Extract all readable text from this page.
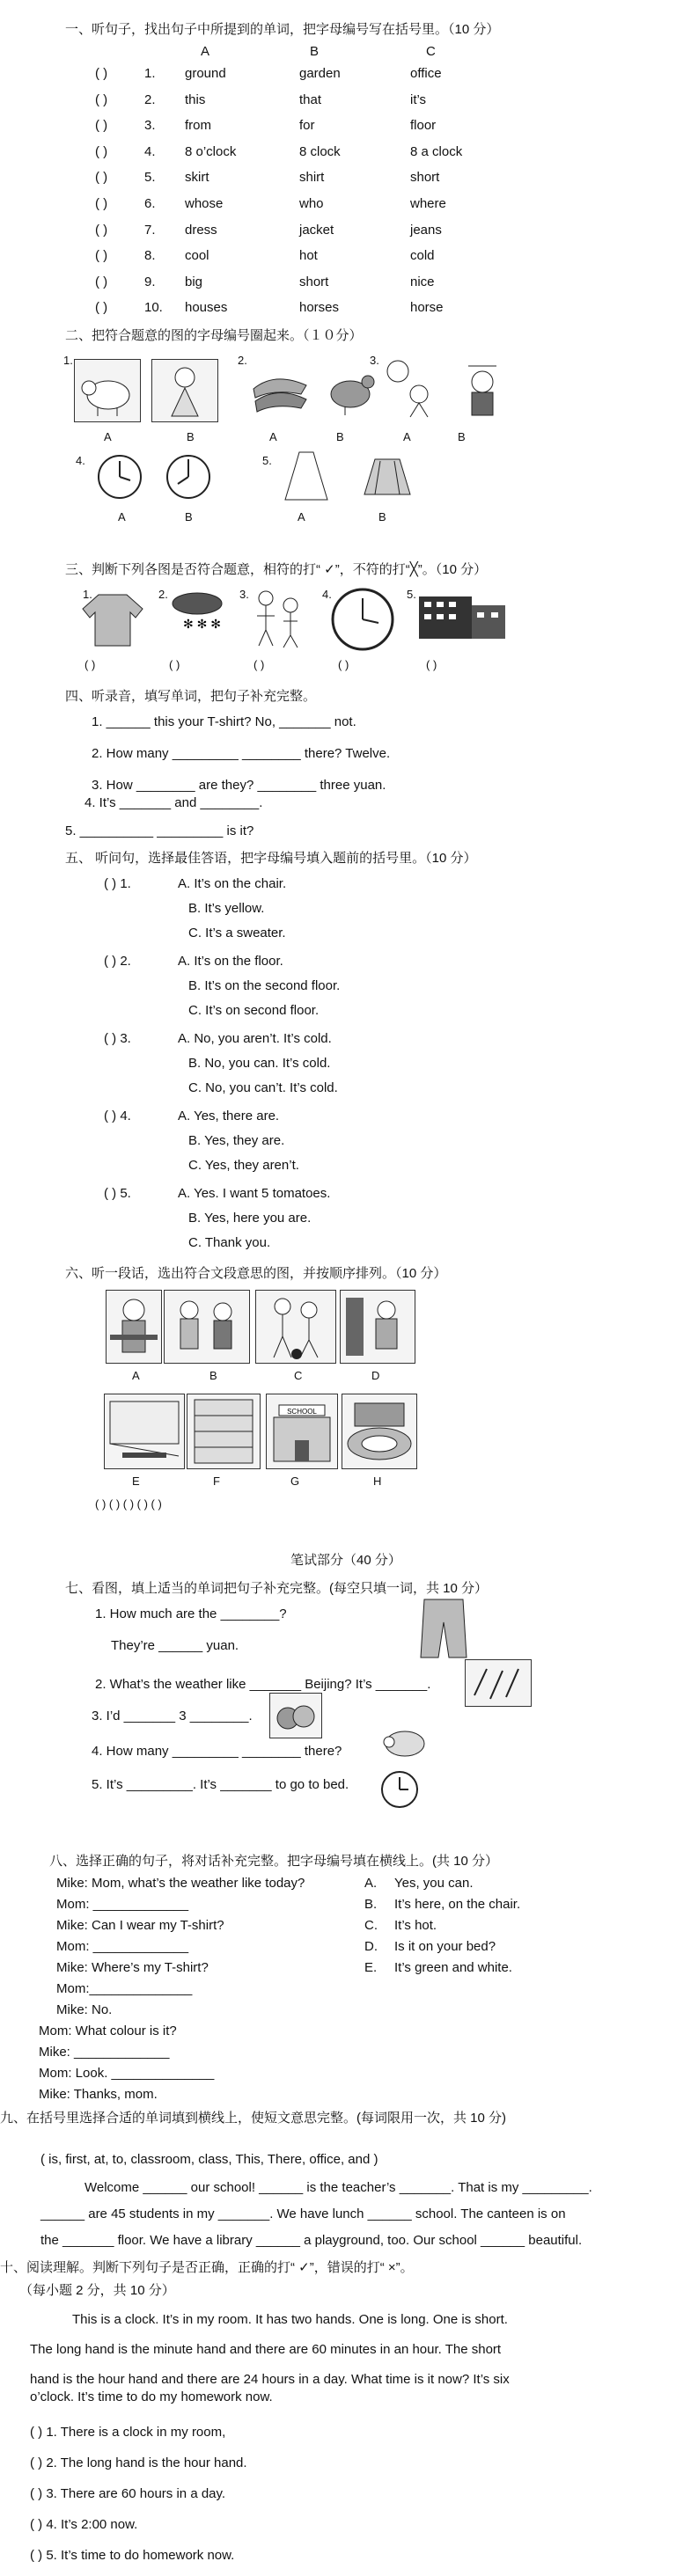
一、听句子，找出句子中所提到的单词，把字母编号写在括号里。（10 分）
A	B	C
( )	1. ground	garden	office
( )	2. this	that	it’s
( )	3. from	for	floor
( )	4. 8 o’clock	8 clock	8 a clock
( )	5. skirt	shirt	short
( )	6. whose	who	where
( )	7. dress	jacket	jeans
( )	8. cool	hot	cold
( )	9. big	short	nice
( )	10. houses	horses	horse
二、把符合题意的图的字母编号圈起来。（１０分）
1.
A	B
2.
A	B
3.
A	B
4.
A	B
5.
A	B
三、判断下列各图是否符合题意，相符的打“ ✓”，不符的打“╳”。（10 分）
1.	2.
✻ ✻ ✻
3.	4.	5.
( )	( )	( )	( )	( )
四、听录音，填写单词，把句子补充完整。
1. ______ this your T-shirt? No, _______ not.
2. How many _________ ________ there? Twelve.
3. How ________ are they? ________ three yuan.
4. It’s _______ and ________.
5. __________ _________ is it?
五、 听问句，选择最佳答语，把字母编号填入题前的括号里。（10 分）
( ) 1.	A. It’s on the chair.
B. It’s yellow.
C. It’s a sweater.
( ) 2.	A. It’s on the floor.
B. It’s on the second floor.
C. It’s on second floor.
( ) 3.	A. No, you aren’t. It’s cold.
B. No, you can. It’s cold.
C. No, you can’t. It’s cold.
( ) 4.	A. Yes, there are.
B. Yes, they are.
C. Yes, they aren’t.
( ) 5.	A. Yes. I want 5 tomatoes.
B. Yes, here you are.
C. Thank you.
六、听一段话，选出符合文段意思的图，并按顺序排列。（10 分）
A	B	C	D
SCHOOL
E	F	G	H
( ) ( ) ( ) ( ) ( )
笔试部分（40 分）
七、看图，填上适当的单词把句子补充完整。(每空只填一词，共 10 分）
1. How much are the ________?
They’re ______ yuan.
2. What’s the weather like _______ Beijing? It’s _______.
3. I’d _______ 3 ________.
4. How many _________ ________ there?
5. It’s _________. It’s _______ to go to bed.
八、选择正确的句子，将对话补充完整。把字母编号填在横线上。(共 10 分）
Mike: Mom, what’s the weather like today?
Mom: _____________
Mike: Can I wear my T-shirt?
Mom: _____________
Mike: Where’s my T-shirt?
Mom:______________
Mike: No.
Mom: What colour is it?
Mike: _____________
Mom: Look. ______________
Mike: Thanks, mom.
A. Yes, you can.
B. It’s here, on the chair.
C. It’s hot.
D. Is it on your bed?
E. It’s green and white.
九、在括号里选择合适的单词填到横线上，使短文意思完整。(每词限用一次，共 10 分)
( is, first, at, to, classroom, class, This, There, office, and )
Welcome ______ our school! ______ is the teacher’s _______. That is my _________.
______ are 45 students in my _______. We have lunch ______ school. The canteen is on
the _______ floor. We have a library ______ a playground, too. Our school ______ beautiful.
十、阅读理解。判断下列句子是否正确，正确的打“ ✓”，错误的打“ ×”。
（每小题 2 分，共 10 分）
This is a clock. It’s in my room. It has two hands. One is long. One is short.
The long hand is the minute hand and there are 60 minutes in an hour. The short
hand is the hour hand and there are 24 hours in a day. What time is it now? It’s six
o’clock. It’s time to do my homework now.
( ) 1. There is a clock in my room,
( ) 2. The long hand is the hour hand.
( ) 3. There are 60 hours in a day.
( ) 4. It’s 2:00 now.
( ) 5. It’s time to do homework now.
